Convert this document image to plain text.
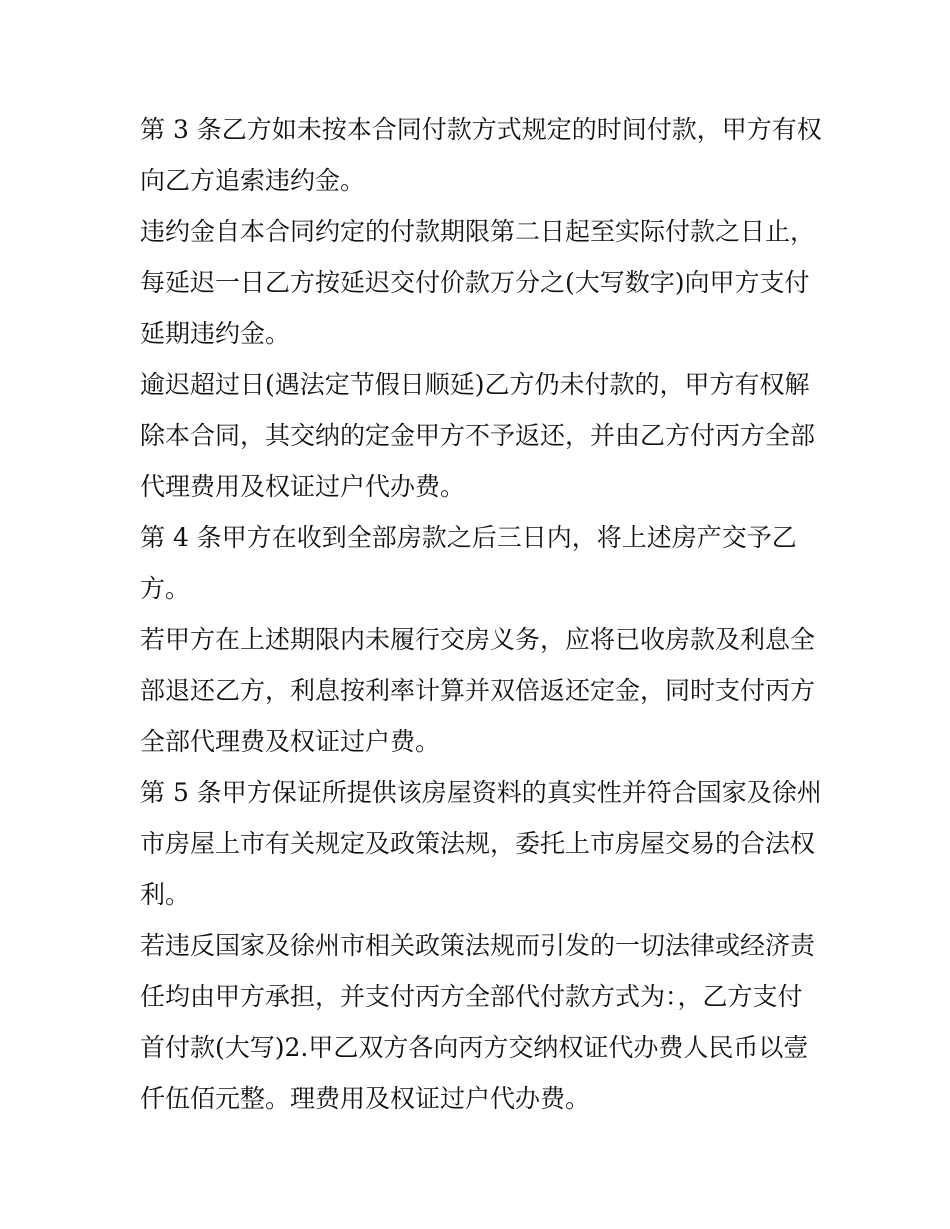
第 3 条乙方如未按本合同付款方式规定的时间付款，甲方有权
向乙方追索违约金。
违约金自本合同约定的付款期限第二日起至实际付款之日止，
每延迟一日乙方按延迟交付价款万分之(大写数字)向甲方支付
延期违约金。
逾迟超过日(遇法定节假日顺延)乙方仍未付款的，甲方有权解
除本合同，其交纳的定金甲方不予返还，并由乙方付丙方全部
代理费用及权证过户代办费。
第 4 条甲方在收到全部房款之后三日内，将上述房产交予乙
方。
若甲方在上述期限内未履行交房义务，应将已收房款及利息全
部退还乙方，利息按利率计算并双倍返还定金，同时支付丙方
全部代理费及权证过户费。
第 5 条甲方保证所提供该房屋资料的真实性并符合国家及徐州
市房屋上市有关规定及政策法规，委托上市房屋交易的合法权
利。
若违反国家及徐州市相关政策法规而引发的一切法律或经济责
任均由甲方承担，并支付丙方全部代付款方式为：，乙方支付
首付款(大写)2.甲乙双方各向丙方交纳权证代办费人民币以壹
仟伍佰元整。理费用及权证过户代办费。
